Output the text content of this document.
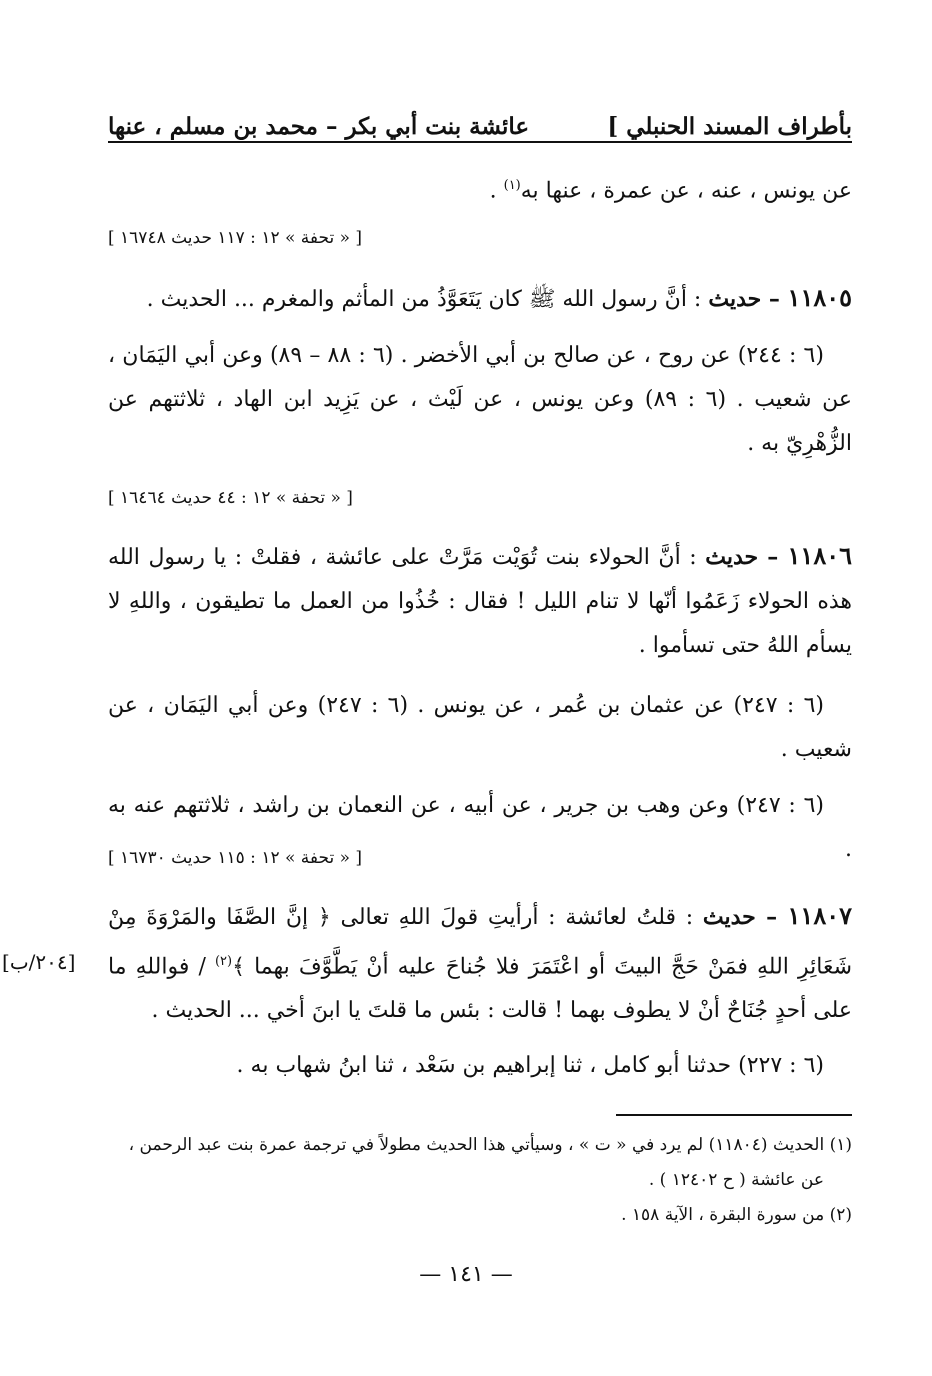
بأطراف المسند الحنبلي ]
عائشة بنت أبي بكر – محمد بن مسلم ، عنها
عن يونس ، عنه ، عن عمرة ، عنها به$^{(١)}$ .
[ « تحفة » ١٢ : ١١٧ حديث ١٦٧٤٨ ]
١١٨٠٥ – حديث : أنَّ رسول الله ﷺ كان يَتَعَوَّذُ من المأثم والمغرم ... الحديث .
(٦ : ٢٤٤) عن روح ، عن صالح بن أبي الأخضر . (٦ : ٨٨ – ٨٩) وعن أبي اليَمَان ، عن شعيب . (٦ : ٨٩) وعن يونس ، عن لَيْث ، عن يَزِيد ابن الهاد ، ثلاثتهم عن الزُّهْرِيّ به .
[ « تحفة » ١٢ : ٤٤ حديث ١٦٤٦٤ ]
١١٨٠٦ – حديث : أنَّ الحولاء بنت تُوَيْت مَرَّتْ على عائشة ، فقلتْ : يا رسول الله هذه الحولاء زَعَمُوا أنّها لا تنام الليل ! فقال : خُذُوا من العمل ما تطيقون ، واللهِ لا يسأم اللهُ حتى تسأموا .
(٦ : ٢٤٧) عن عثمان بن عُمر ، عن يونس . (٦ : ٢٤٧) وعن أبي اليَمَان ، عن شعيب .
(٦ : ٢٤٧) وعن وهب بن جرير ، عن أبيه ، عن النعمان بن راشد ، ثلاثتهم عنه به .
[ « تحفة » ١٢ : ١١٥ حديث ١٦٧٣٠ ]
١١٨٠٧ – حديث : قلتُ لعائشة : أرأيتِ قولَ اللهِ تعالى ﴿ إنَّ الصَّفَا والمَرْوَةَ مِنْ شَعَائِرِ اللهِ فمَنْ حَجَّ البيتَ أو اعْتَمَرَ فلا جُناحَ عليه أنْ يَطَّوَّفَ بهما ﴾$^{(٢)}$ / فواللهِ ما على أحدٍ جُنَاحٌ أنْ لا يطوف بهما ! قالت : بئس ما قلتَ يا ابنَ أخي ... الحديث .
[٢٠٤/ب]
(٦ : ٢٢٧) حدثنا أبو كامل ، ثنا إبراهيم بن سَعْد ، ثنا ابنُ شهاب به .
(١) الحديث (١١٨٠٤) لم يرد في « ت » ، وسيأتي هذا الحديث مطولاً في ترجمة عمرة بنت عبد الرحمن ،
عن عائشة ( ح ١٢٤٠٢ ) .
(٢) من سورة البقرة ، الآية ١٥٨ .
— ١٤١ —
